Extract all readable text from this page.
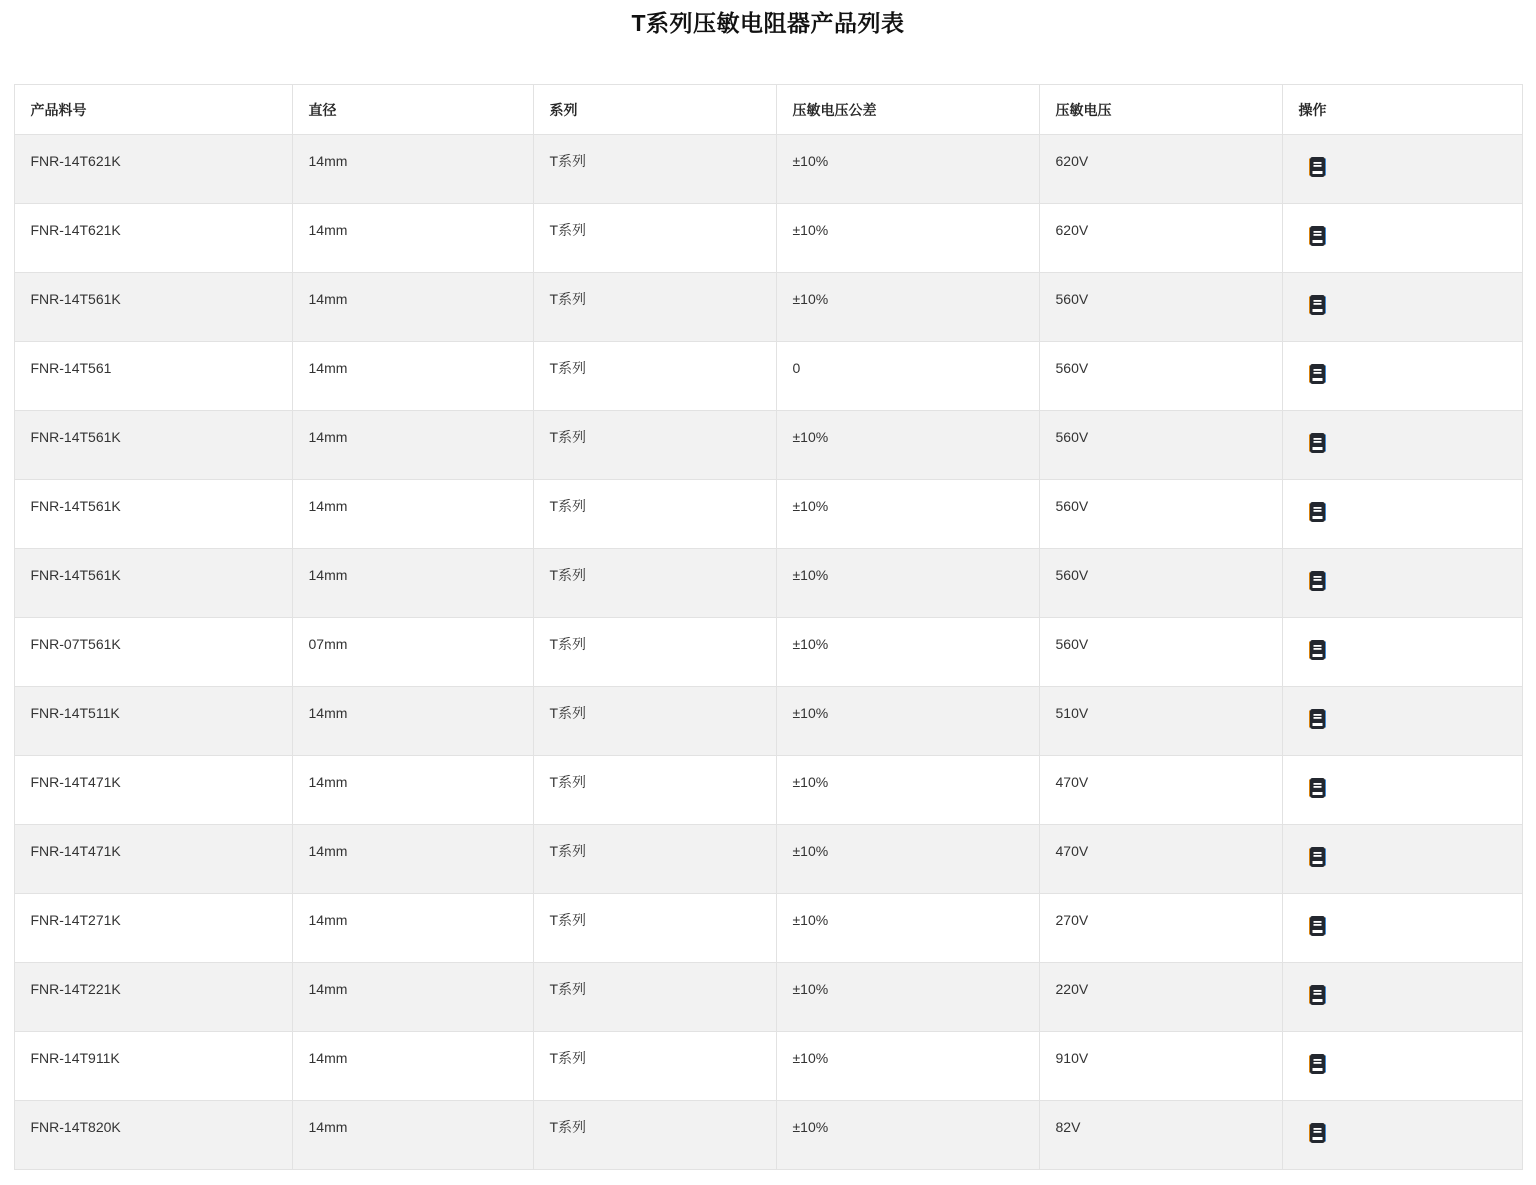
T系列压敏电阻器产品列表
产品料号	直径	系列	压敏电压公差	压敏电压	操作
FNR-14T621K	14mm	T系列	±10%	620V	
FNR-14T621K	14mm	T系列	±10%	620V	
FNR-14T561K	14mm	T系列	±10%	560V	
FNR-14T561	14mm	T系列	0	560V	
FNR-14T561K	14mm	T系列	±10%	560V	
FNR-14T561K	14mm	T系列	±10%	560V	
FNR-14T561K	14mm	T系列	±10%	560V	
FNR-07T561K	07mm	T系列	±10%	560V	
FNR-14T511K	14mm	T系列	±10%	510V	
FNR-14T471K	14mm	T系列	±10%	470V	
FNR-14T471K	14mm	T系列	±10%	470V	
FNR-14T271K	14mm	T系列	±10%	270V	
FNR-14T221K	14mm	T系列	±10%	220V	
FNR-14T911K	14mm	T系列	±10%	910V	
FNR-14T820K	14mm	T系列	±10%	82V	
